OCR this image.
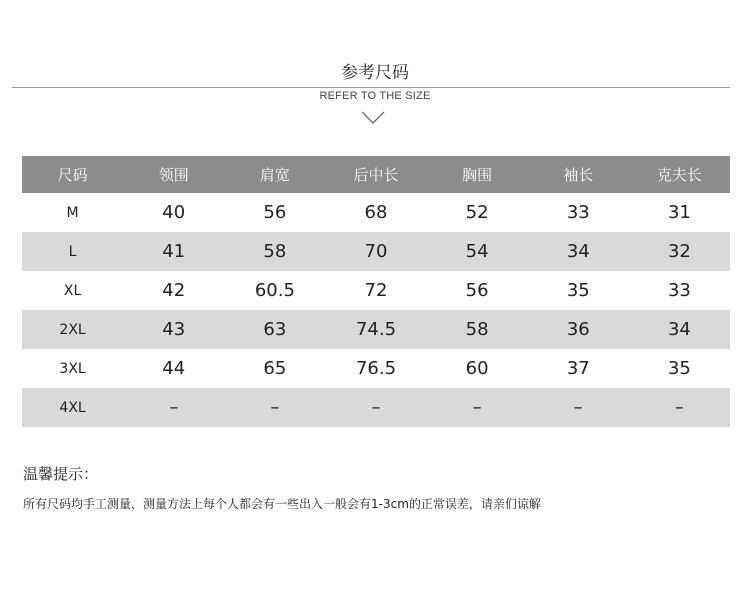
参考尺码
REFER TO THE SIZE
尺码	领围	肩宽	后中长	胸围	袖长	克夫长
M	40	56	68	52	33	31
L	41	58	70	54	34	32
XL	42	60.5	72	56	35	33
2XL	43	63	74.5	58	36	34
3XL	44	65	76.5	60	37	35
4XL	–	–	–	–	–	–
温馨提示：
所有尺码均手工测量，测量方法上每个人都会有一些出入一般会有1-3cm的正常误差，请亲们谅解
